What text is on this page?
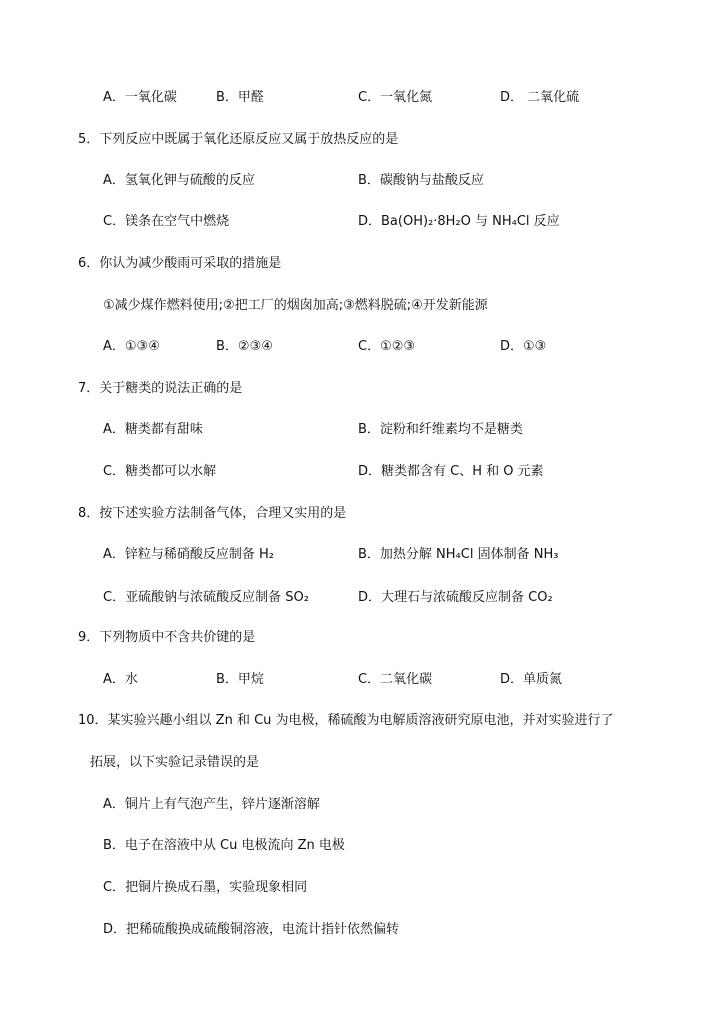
A．一氧化碳	B．甲醛	C．一氧化氮	D． 二氧化硫
5．下列反应中既属于氧化还原反应又属于放热反应的是
A．氢氧化钾与硫酸的反应	B．碳酸钠与盐酸反应
C．镁条在空气中燃烧	D．Ba(OH)₂·8H₂O 与 NH₄Cl 反应
6．你认为减少酸雨可采取的措施是
①减少煤作燃料使用;②把工厂的烟囱加高;③燃料脱硫;④开发新能源
A．①③④	B．②③④	C．①②③	D．①③
7．关于糖类的说法正确的是
A．糖类都有甜味	B．淀粉和纤维素均不是糖类
C．糖类都可以水解	D．糖类都含有 C、H 和 O 元素
8．按下述实验方法制备气体，合理又实用的是
A．锌粒与稀硝酸反应制备 H₂	B．加热分解 NH₄Cl 固体制备 NH₃
C．亚硫酸钠与浓硫酸反应制备 SO₂	D．大理石与浓硫酸反应制备 CO₂
9．下列物质中不含共价键的是
A．水	B．甲烷	C．二氧化碳	D．单质氮
10．某实验兴趣小组以 Zn 和 Cu 为电极，稀硫酸为电解质溶液研究原电池，并对实验进行了
拓展，以下实验记录错误的是
A．铜片上有气泡产生，锌片逐渐溶解
B．电子在溶液中从 Cu 电极流向 Zn 电极
C．把铜片换成石墨，实验现象相同
D．把稀硫酸换成硫酸铜溶液，电流计指针依然偏转
